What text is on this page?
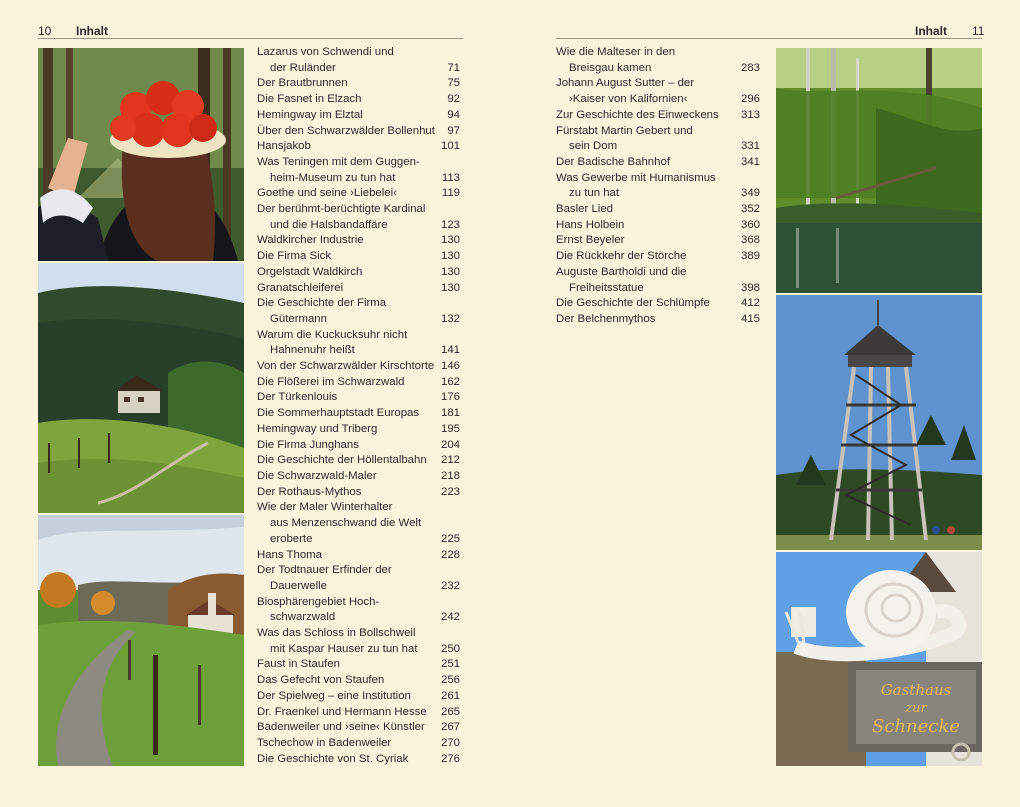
10 Inhalt	Inhalt 11
Lazarus von Schwendi und
der Ruländer	71
Der Brautbrunnen	75
Die Fasnet in Elzach	92
Hemingway im Elztal	94
Über den Schwarzwälder Bollenhut	97
Hansjakob	101
Was Teningen mit dem Guggen-
heim-Museum zu tun hat	113
Goethe und seine ›Liebelei‹	119
Der berühmt-berüchtigte Kardinal
und die Halsbandaffäre	123
Waldkircher Industrie	130
Die Firma Sick	130
Orgelstadt Waldkirch	130
Granatschleiferei	130
Die Geschichte der Firma
Gütermann	132
Warum die Kuckucksuhr nicht
Hahnenuhr heißt	141
Von der Schwarzwälder Kirschtorte 146
Die Flößerei im Schwarzwald	162
Der Türkenlouis	176
Die Sommerhauptstadt Europas	181
Hemingway und Triberg	195
Die Firma Junghans	204
Die Geschichte der Höllentalbahn	212
Die Schwarzwald-Maler	218
Der Rothaus-Mythos	223
Wie der Maler Winterhalter
aus Menzenschwand die Welt
eroberte	225
Hans Thoma	228
Der Todtnauer Erfinder der
Dauerwelle	232
Biosphärengebiet Hoch-
schwarzwald	242
Was das Schloss in Bollschweil
mit Kaspar Hauser zu tun hat	250
Faust in Staufen	251
Das Gefecht von Staufen	256
Der Spielweg – eine Institution	261
Dr. Fraenkel und Hermann Hesse	265
Badenweiler und ›seine‹ Künstler	267
Tschechow in Badenweiler	270
Die Geschichte von St. Cyriak	276
Wie die Malteser in den
Breisgau kamen	283
Johann August Sutter – der
›Kaiser von Kalifornien‹	296
Zur Geschichte des Einweckens	313
Fürstabt Martin Gebert und
sein Dom	331
Der Badische Bahnhof	341
Was Gewerbe mit Humanismus
zu tun hat	349
Basler Lied	352
Hans Holbein	360
Ernst Beyeler	368
Die Rückkehr der Störche	389
Auguste Bartholdi und die
Freiheitsstatue	398
Die Geschichte der Schlümpfe	412
Der Belchenmythos	415
Gasthaus
zur
Schnecke
